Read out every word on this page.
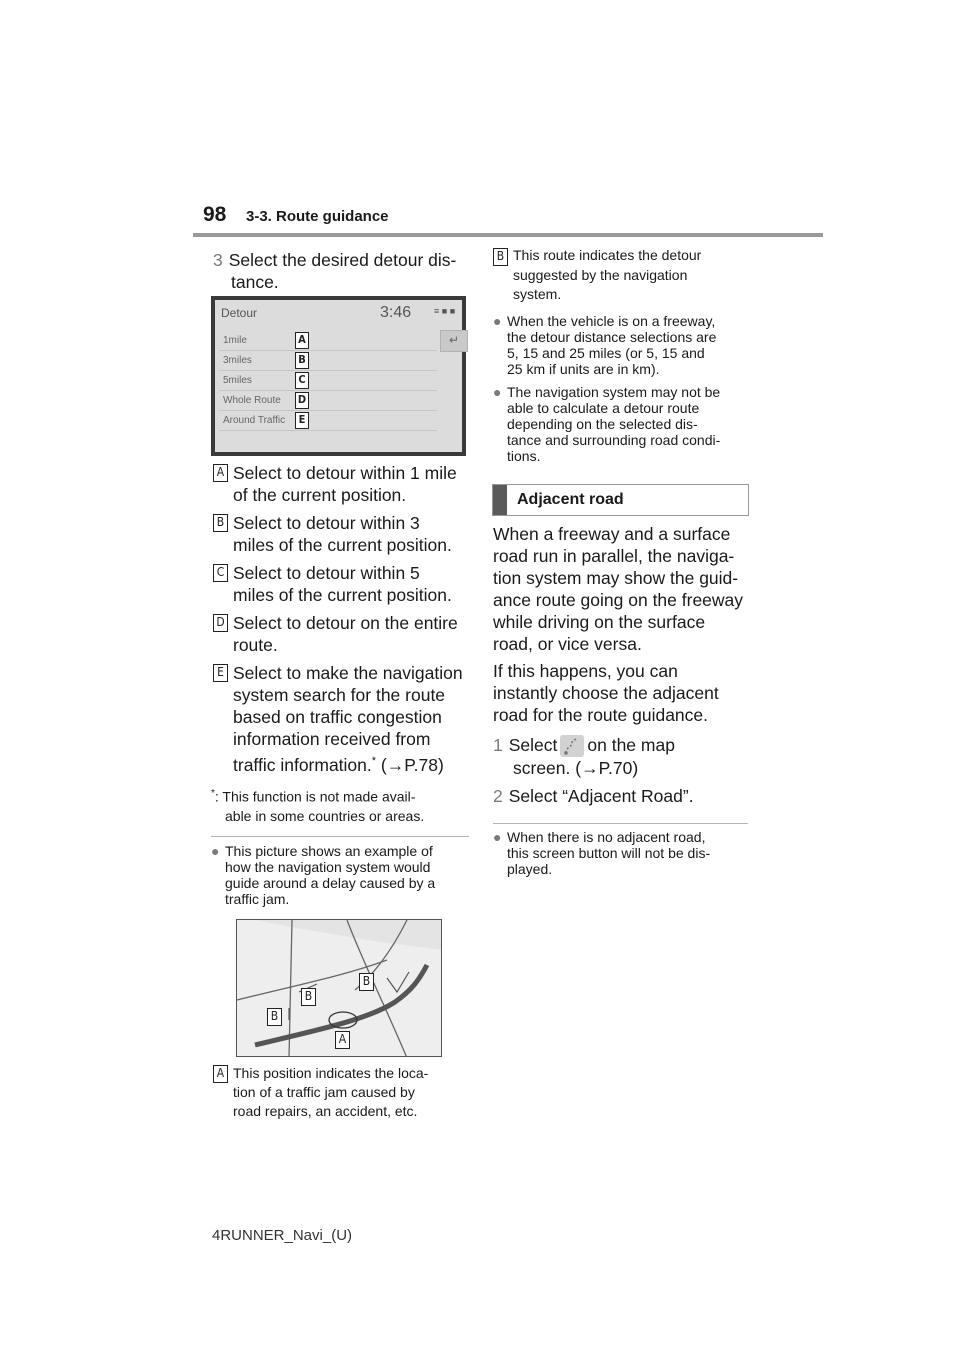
98 3-3. Route guidance
3 Select the desired detour dis-
tance.
Detour	3:46	≡ ■ ■
↵
1mile	A
3miles	B
5miles	C
Whole Route D
Around Traffic	E
A Select to detour within 1 mile
of the current position.
B Select to detour within 3
miles of the current position.
C Select to detour within 5
miles of the current position.
D Select to detour on the entire
route.
E Select to make the navigation
system search for the route
based on traffic congestion
information received from
traffic information.* (→P.78)
*: This function is not made avail-
able in some countries or areas.
● This picture shows an example of
how the navigation system would
guide around a delay caused by a
traffic jam.
B
B
B
A
A This position indicates the loca-
tion of a traffic jam caused by
road repairs, an accident, etc.
B This route indicates the detour
suggested by the navigation
system.
● When the vehicle is on a freeway,
the detour distance selections are
5, 15 and 25 miles (or 5, 15 and
25 km if units are in km).
● The navigation system may not be
able to calculate a detour route
depending on the selected dis-
tance and surrounding road condi-
tions.
Adjacent road
When a freeway and a surface
road run in parallel, the naviga-
tion system may show the guid-
ance route going on the freeway
while driving on the surface
road, or vice versa.
If this happens, you can
instantly choose the adjacent
road for the route guidance.
1 Select on the map
screen. (→P.70)
2 Select “Adjacent Road”.
● When there is no adjacent road,
this screen button will not be dis-
played.
4RUNNER_Navi_(U)
